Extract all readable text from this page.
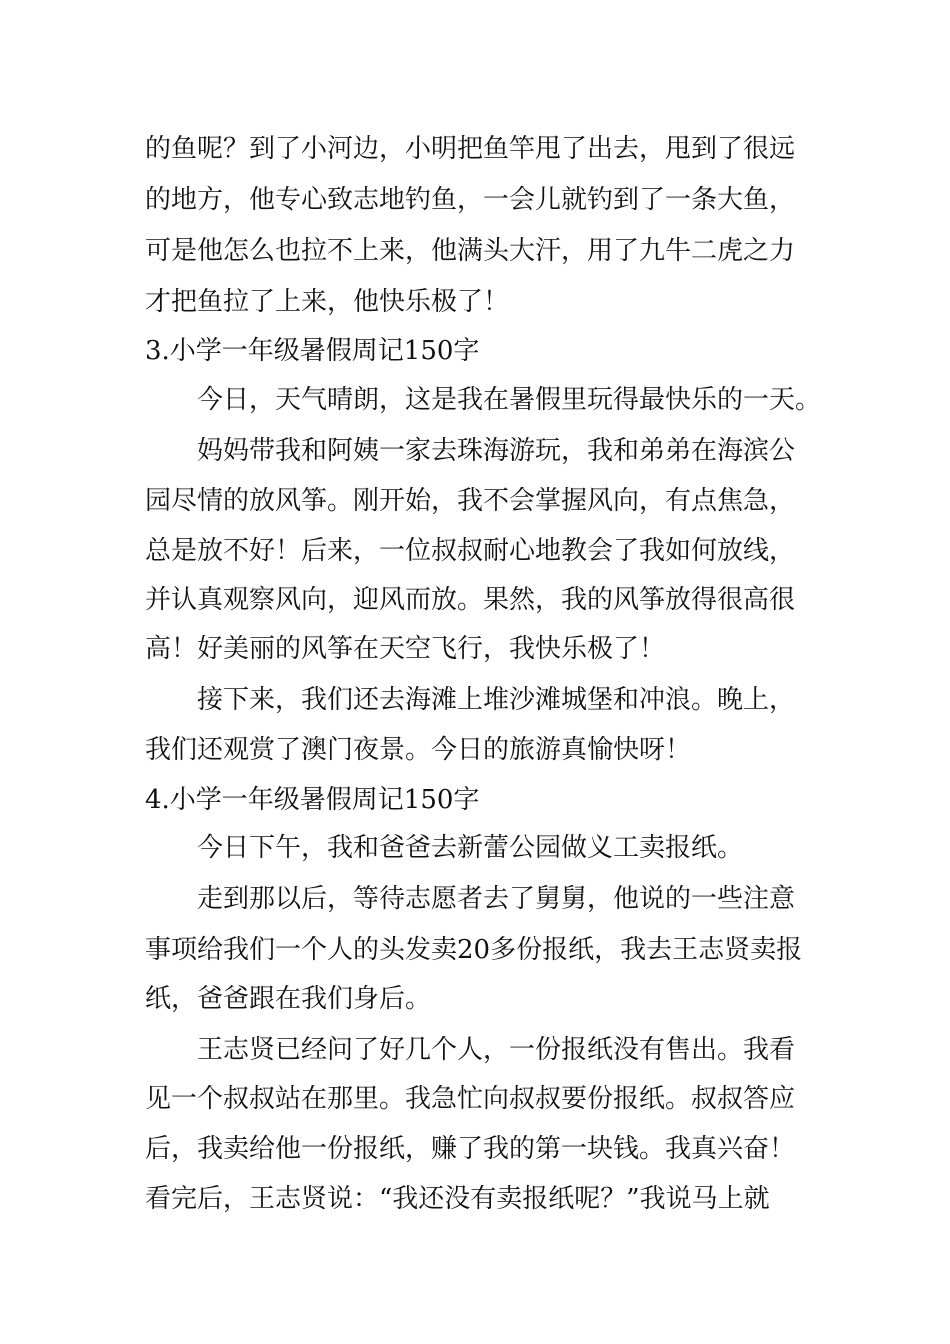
的鱼呢？到了小河边，小明把鱼竿甩了出去，甩到了很远
的地方，他专心致志地钓鱼，一会儿就钓到了一条大鱼，
可是他怎么也拉不上来，他满头大汗，用了九牛二虎之力
才把鱼拉了上来，他快乐极了！
3.小学一年级暑假周记150字
今日，天气晴朗，这是我在暑假里玩得最快乐的一天。
妈妈带我和阿姨一家去珠海游玩，我和弟弟在海滨公
园尽情的放风筝。刚开始，我不会掌握风向，有点焦急，
总是放不好！后来，一位叔叔耐心地教会了我如何放线，
并认真观察风向，迎风而放。果然，我的风筝放得很高很
高！好美丽的风筝在天空飞行，我快乐极了！
接下来，我们还去海滩上堆沙滩城堡和冲浪。晚上，
我们还观赏了澳门夜景。今日的旅游真愉快呀！
4.小学一年级暑假周记150字
今日下午，我和爸爸去新蕾公园做义工卖报纸。
走到那以后，等待志愿者去了舅舅，他说的一些注意
事项给我们一个人的头发卖20多份报纸，我去王志贤卖报
纸，爸爸跟在我们身后。
王志贤已经问了好几个人，一份报纸没有售出。我看
见一个叔叔站在那里。我急忙向叔叔要份报纸。叔叔答应
后，我卖给他一份报纸，赚了我的第一块钱。我真兴奋！
看完后，王志贤说：“我还没有卖报纸呢？”我说马上就
